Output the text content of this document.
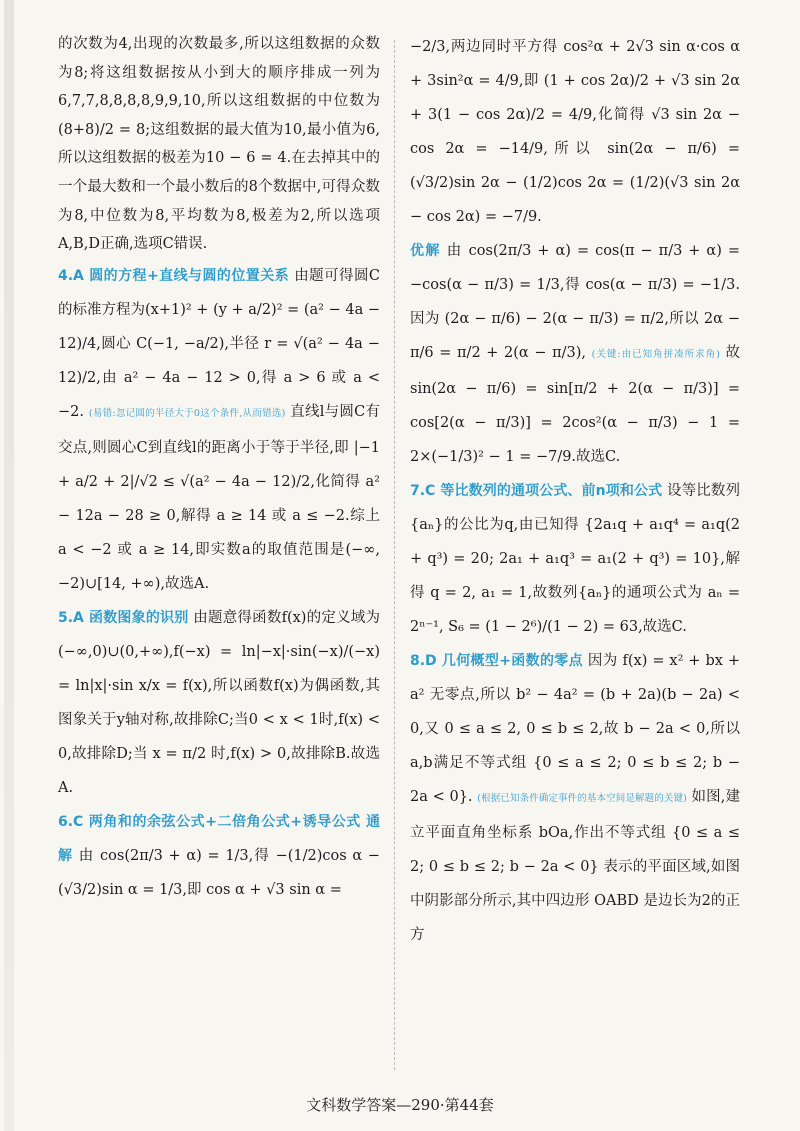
的次数为4,出现的次数最多,所以这组数据的众数为8;将这组数据按从小到大的顺序排成一列为6,7,7,8,8,8,8,9,9,10,所以这组数据的中位数为 (8+8)/2 = 8;这组数据的最大值为10,最小值为6,所以这组数据的极差为10 − 6 = 4.在去掉其中的一个最大数和一个最小数后的8个数据中,可得众数为8,中位数为8,平均数为8,极差为2,所以选项A,B,D正确,选项C错误.

4.A 圆的方程+直线与圆的位置关系 由题可得圆C的标准方程为(x+1)² + (y + a/2)² = (a² − 4a − 12)/4,圆心 C(−1, −a/2),半径 r = √(a² − 4a − 12)/2,由 a² − 4a − 12 > 0,得 a > 6 或 a < −2. (易错:忽记圆的半径大于0这个条件,从而错选) 直线l与圆C有交点,则圆心C到直线l的距离小于等于半径,即 |−1 + a/2 + 2|/√2 ≤ √(a² − 4a − 12)/2,化简得 a² − 12a − 28 ≥ 0,解得 a ≥ 14 或 a ≤ −2.综上 a < −2 或 a ≥ 14,即实数a的取值范围是(−∞, −2)∪[14, +∞),故选A.

5.A 函数图象的识别 由题意得函数f(x)的定义域为(−∞,0)∪(0,+∞),f(−x) = ln|−x|·sin(−x)/(−x) = ln|x|·sin x/x = f(x),所以函数f(x)为偶函数,其图象关于y轴对称,故排除C;当0 < x < 1时,f(x) < 0,故排除D;当 x = π/2 时,f(x) > 0,故排除B.故选A.

6.C 两角和的余弦公式+二倍角公式+诱导公式 通解 由 cos(2π/3 + α) = 1/3,得 −(1/2)cos α − (√3/2)sin α = 1/3,即 cos α + √3 sin α =

−2/3,两边同时平方得 cos²α + 2√3 sin α·cos α + 3sin²α = 4/9,即 (1 + cos 2α)/2 + √3 sin 2α + 3(1 − cos 2α)/2 = 4/9,化简得 √3 sin 2α − cos 2α = −14/9,所以 sin(2α − π/6) = (√3/2)sin 2α − (1/2)cos 2α = (1/2)(√3 sin 2α − cos 2α) = −7/9.

优解 由 cos(2π/3 + α) = cos(π − π/3 + α) = −cos(α − π/3) = 1/3,得 cos(α − π/3) = −1/3.因为 (2α − π/6) − 2(α − π/3) = π/2,所以 2α − π/6 = π/2 + 2(α − π/3), (关键:由已知角拼凑所求角) 故 sin(2α − π/6) = sin[π/2 + 2(α − π/3)] = cos[2(α − π/3)] = 2cos²(α − π/3) − 1 = 2×(−1/3)² − 1 = −7/9.故选C.

7.C 等比数列的通项公式、前n项和公式 设等比数列{aₙ}的公比为q,由已知得 {2a₁q + a₁q⁴ = a₁q(2 + q³) = 20; 2a₁ + a₁q³ = a₁(2 + q³) = 10},解得 q = 2, a₁ = 1,故数列{aₙ}的通项公式为 aₙ = 2ⁿ⁻¹, S₆ = (1 − 2⁶)/(1 − 2) = 63,故选C.

8.D 几何概型+函数的零点 因为 f(x) = x² + bx + a² 无零点,所以 b² − 4a² = (b + 2a)(b − 2a) < 0,又 0 ≤ a ≤ 2, 0 ≤ b ≤ 2,故 b − 2a < 0,所以a,b满足不等式组 {0 ≤ a ≤ 2; 0 ≤ b ≤ 2; b − 2a < 0}. (根据已知条件确定事件的基本空间是解题的关键) 如图,建立平面直角坐标系 bOa,作出不等式组 {0 ≤ a ≤ 2; 0 ≤ b ≤ 2; b − 2a < 0} 表示的平面区域,如图中阴影部分所示,其中四边形 OABD 是边长为2的正方

文科数学答案—290·第44套
